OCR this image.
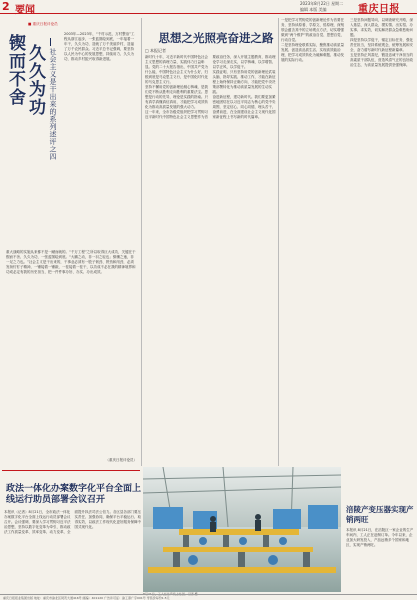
2 要闻
2023年8月22日 星期二
编辑 本版 美编	重庆日报
■ 重庆日报评论员
锲而不舍 久久为功 社会主义是干出来的系列述评之四
2003年—2023年，“千村示范、万村整治”工程从浙江起步，一张蓝图绘到底，一年接着一年干，久久为功，造就了万千美丽乡村，造福了万千农民群众。习近平总书记强调，要坚持以人民为中心的发展思想，持续用力、久久为功，推动乡村振兴取得新进展。
重大战略的实施从来都不是一蹴而就的。“千万工程”之所以取得巨大成功，关键在于锲而不舍、久久为功，一张蓝图绘到底。“大鹏之动，非一羽之轻也；骐骥之速，非一足之力也。”社会主义是干出来的，干事业必须有一股子韧劲、拼劲和闯劲，必须发扬钉钉子精神，一锤接着一锤敲，一茬接着一茬干，以功成不必在我的精神境界和功成必定有我的历史担当，把一件件事办好、办实、办出成效。
（重庆日报评论员）
思想之光照亮奋进之路
□ 本报记者

新时代十年，习近平新时代中国特色社会主义思想的真理力量、实践伟力日益彰显。党的二十大报告指出，中国共产党为什么能，中国特色社会主义为什么好，归根到底是马克思主义行，是中国化时代化的马克思主义行。

坚持不懈用党的创新理论凝心铸魂，是我们党不断从胜利走向胜利的重要法宝。思想是行动的先导，理论是实践的指南。只有真学真懂真信真用，才能把学习成效转化为推动高质量发展的强大动力。

这一年来，全市各级党组织把学习贯彻习近平新时代中国特色社会主义思想作为首要政治任务，深入开展主题教育，推动理论学习走深走实，以学铸魂、以学增智、以学正风、以学促干。

实践证明，只有坚持用党的创新理论武装头脑、指导实践、推动工作，才能在新征程上始终保持正确方向，才能把党中央决策部署转化为推动高质量发展的生动实践。

奋进新征程，建功新时代。我们要更加紧密地团结在以习近平同志为核心的党中央周围，坚定信心、同心同德，埋头苦干、奋勇前进，在全面建设社会主义现代化国家新征程上书写新的时代篇章。

一是把学习贯彻党的创新理论作为首要任务，坚持读原著、学原文、悟原理，深刻领会蕴含其中的立场观点方法，切实增强做到“两个维护”的政治自觉、思想自觉、行动自觉。

二是坚持理论联系实际，聚焦推动高质量发展、创造高品质生活、实现高效能治理，把学习成效转化为破解难题、推动发展的实际行动。

三是坚持问题导向，以调查研究开路，深入基层、深入群众，摸实情、出实招、办实事、求实效，切实解决群众急难愁盼问题。

四是坚持以学促干，锚定目标任务，强化责任担当，坚持系统观念，统筹发展和安全，奋力谱写新时代新征程新篇章。

五是坚持正风肃纪，锻造忠诚干净担当的高素质干部队伍，营造风清气正的良好政治生态，为高质量发展提供坚强保障。

政法一体化办案数字化平台全面上线运行助员部署会议召开
本报讯（记者）8月21日，全市政法一体化办案数字化平台全面上线运行动员部署会议召开。会议强调，要深入学习贯彻习近平法治思想，坚持以数字化变革为牵引，推动政法工作质量变革、效率变革、动力变革，全面提升执法司法公信力。各区县各部门要压实责任、加强协同，确保平台平稳运行、取得实效，以政法工作现代化更好服务保障中国式现代化。
8月21日，工人在生产线上忙碌。记者 摄
涪陵产变压器实现产销两旺
本报讯 8月21日，在涪陵区一家企业的生产车间内，工人正在赶制订单。今年以来，企业加大研发投入，产品远销多个国家和地区，实现产销两旺。
重庆日报报业集团出版 地址：重庆市渝北区同茂大道416号 邮编：401120 广告许可证：渝工商广字001号 零售价每份1.5元
